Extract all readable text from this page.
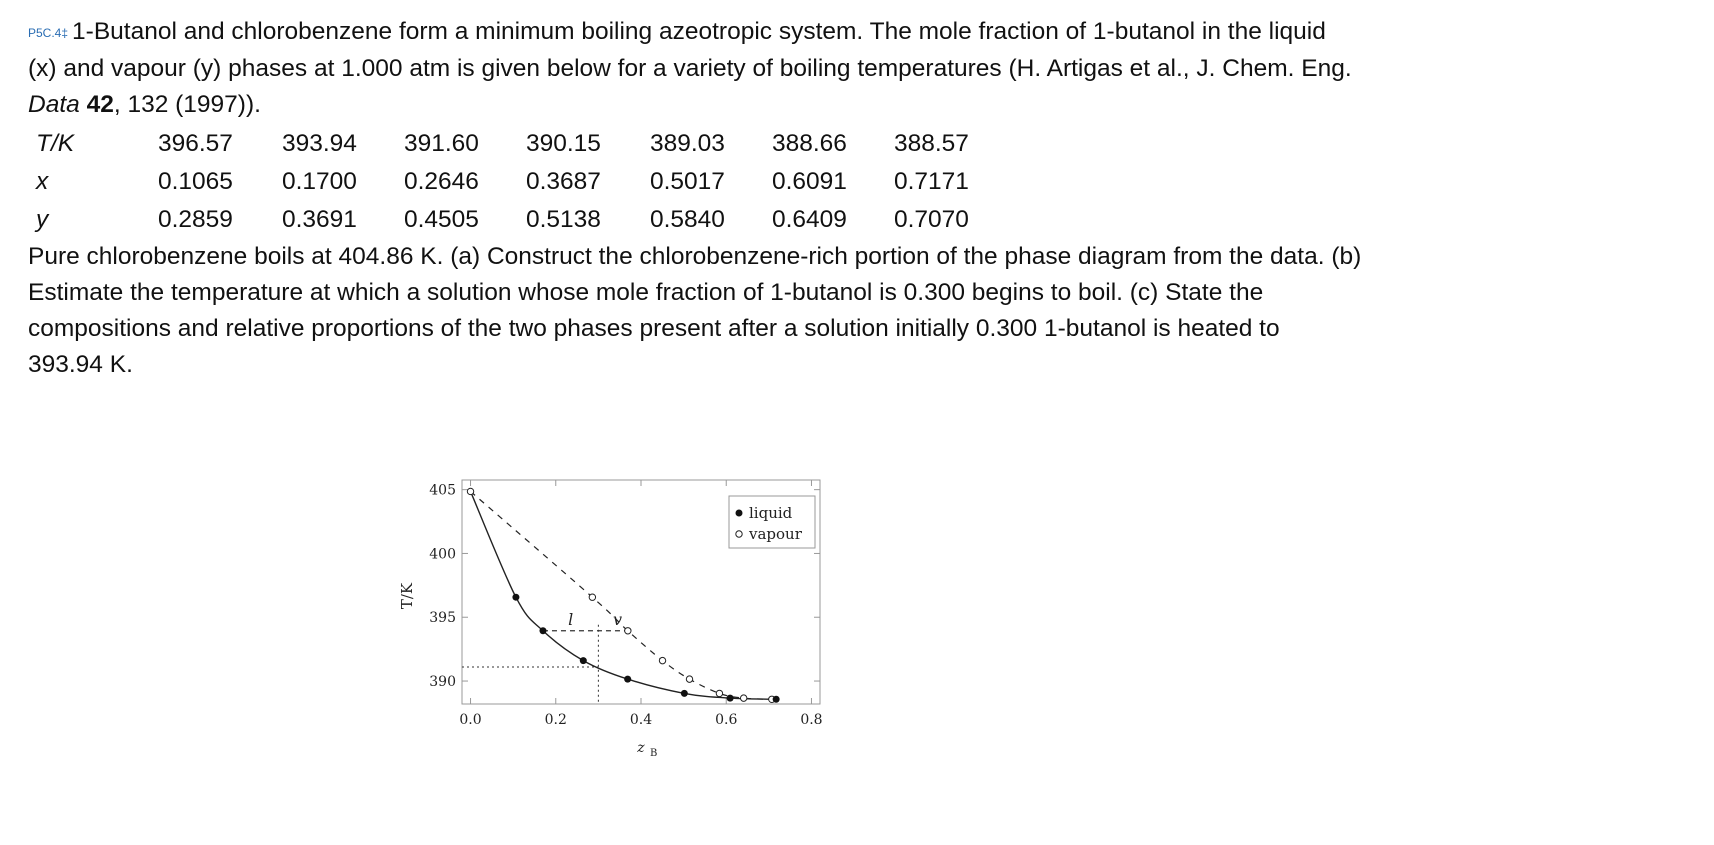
P5C.4‡ 1-Butanol and chlorobenzene form a minimum boiling azeotropic system. The mole fraction of 1-butanol in the liquid
(x) and vapour (y) phases at 1.000 atm is given below for a variety of boiling temperatures (H. Artigas et al., J. Chem. Eng.
Data 42, 132 (1997)).
T/K	396.57 393.94 391.60 390.15 389.03 388.66 388.57
x	0.1065 0.1700 0.2646 0.3687 0.5017 0.6091 0.7171
y	0.2859 0.3691 0.4505 0.5138 0.5840 0.6409 0.7070
Pure chlorobenzene boils at 404.86 K. (a) Construct the chlorobenzene-rich portion of the phase diagram from the data. (b)
Estimate the temperature at which a solution whose mole fraction of 1-butanol is 0.300 begins to boil. (c) State the
compositions and relative proportions of the two phases present after a solution initially 0.300 1-butanol is heated to
393.94 K.
0.0	0.2	0.4	0.6	0.8
390
395
400
405
T/K
z B
l v
liquid
vapour
